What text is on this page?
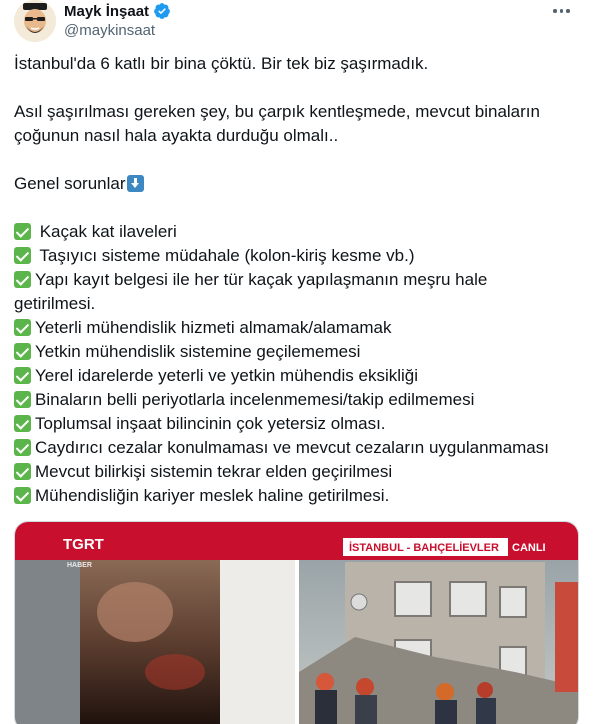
Mayk İnşaat
@maykinsaat
İstanbul'da 6 katlı bir bina çöktü. Bir tek biz şaşırmadık.
Asıl şaşırılması gereken şey, bu çarpık kentleşmede, mevcut binaların
çoğunun nasıl hala ayakta durduğu olmalı..
Genel sorunlar
Kaçak kat ilaveleri
Taşıyıcı sisteme müdahale (kolon-kiriş kesme vb.)
Yapı kayıt belgesi ile her tür kaçak yapılaşmanın meşru hale
getirilmesi.
Yeterli mühendislik hizmeti almamak/alamamak
Yetkin mühendislik sistemine geçilememesi
Yerel idarelerde yeterli ve yetkin mühendis eksikliği
Binaların belli periyotlarla incelenmemesi/takip edilmemesi
Toplumsal inşaat bilincinin çok yetersiz olması.
Caydırıcı cezalar konulmaması ve mevcut cezaların uygulanmaması
Mevcut bilirkişi sistemin tekrar elden geçirilmesi
Mühendisliğin kariyer meslek haline getirilmesi.
TGRT
HABER
İSTANBUL - BAHÇELİEVLER CANLI
